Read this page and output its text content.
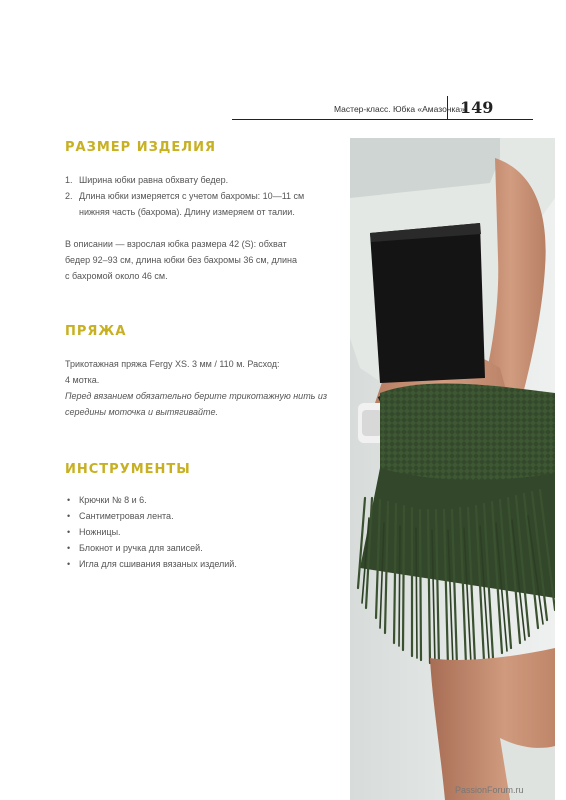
Мастер-класс. Юбка «Амазонка»
149
РАЗМЕР ИЗДЕЛИЯ
1. Ширина юбки равна обхвату бедер.
2. Длина юбки измеряется с учетом бахромы: 10—11 см
нижняя часть (бахрома). Длину измеряем от талии.
В описании — взрослая юбка размера 42 (S): обхват
бедер 92–93 см, длина юбки без бахромы 36 см, длина
с бахромой около 46 см.
ПРЯЖА
Трикотажная пряжа Fergy XS. 3 мм / 110 м. Расход:
4 мотка.
Перед вязанием обязательно берите трикотажную нить из
середины моточка и вытягивайте.
ИНСТРУМЕНТЫ
• Крючки № 8 и 6.
• Сантиметровая лента.
• Ножницы.
• Блокнот и ручка для записей.
• Игла для сшивания вязаных изделий.
PassionForum.ru
